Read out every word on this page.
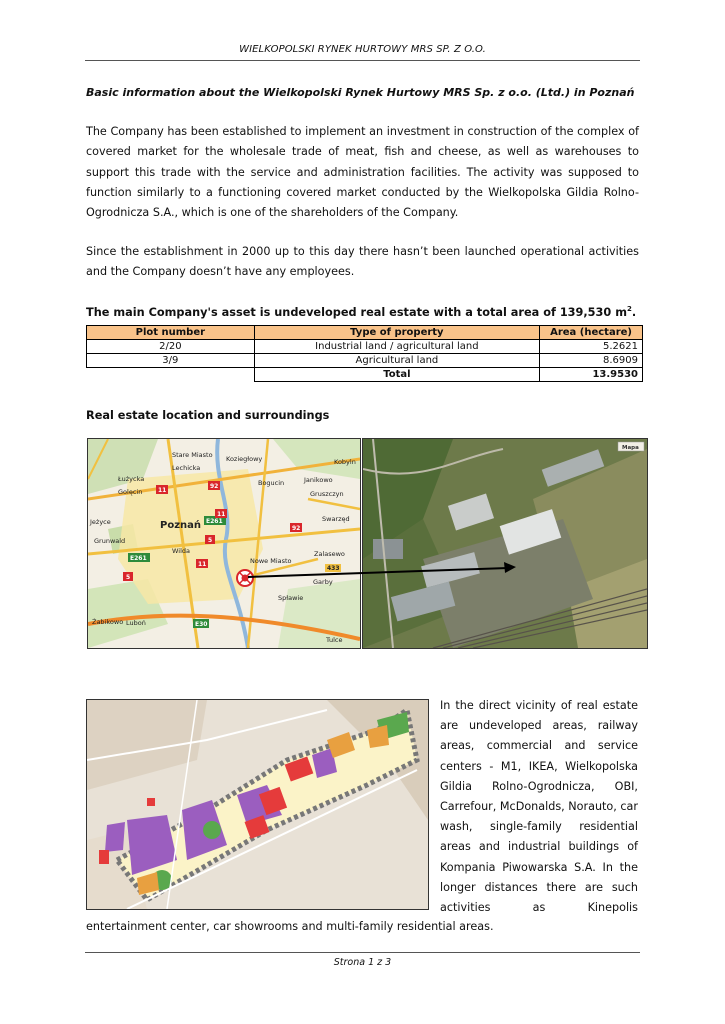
WIELKOPOLSKI RYNEK HURTOWY MRS SP. Z O.O.
Basic information about the Wielkopolski Rynek Hurtowy MRS Sp. z o.o. (Ltd.) in Poznań
The Company has been established to implement an investment in construction of the complex of covered market for the wholesale trade of meat, fish and cheese, as well as warehouses to support this trade with the service and administration facilities. The activity was supposed to function similarly to a functioning covered market conducted by the Wielkopolska Gildia Rolno-Ogrodnicza S.A., which is one of the shareholders of the Company.
Since the establishment in 2000 up to this day there hasn’t been launched operational activities and the Company doesn’t have any employees.
The main Company's asset is undeveloped real estate with a total area of 139,530 $m^2$.
Plot number	Type of property	Area (hectare)
2/20	Industrial land / agricultural land	5.2621
3/9	Agricultural land	8.6909
	Total	13.9530
Real estate location and surroundings
Stare Miasto Koziegłowy	Kobyln
Łużycka
Lechicka
Janikowo
Bogucin
Gruszczyn
Golęcin
Swarzęd
Poznań E261
E261
Wilda
Nowe Miasto
Zalasewo
Grunwald
Garby
Spławie
Żabikowo Luboń	E30
Tulce
Jeżyce
11
5
92
11
92
5
433
11
Mapa
In the direct vicinity of real estate
are undeveloped areas, railway
areas, commercial and service
centers - M1, IKEA, Wielkopolska
Gildia Rolno-Ogrodnicza, OBI,
Carrefour, McDonalds, Norauto, car
wash, single-family residential
areas and industrial buildings of
Kompania Piwowarska S.A. In the
longer distances there are such
activities as Kinepolis
entertainment center, car showrooms and multi-family residential areas.
Strona 1 z 3
